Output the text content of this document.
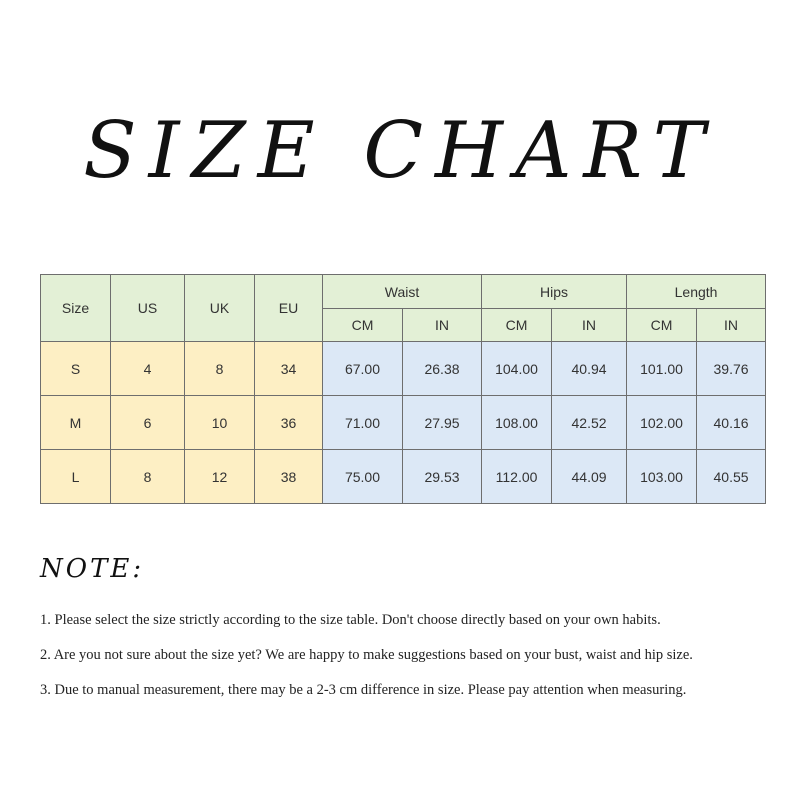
SIZE CHART
Size	US	UK	EU	Waist		Hips		Length	
				CM	IN	CM	IN	CM	IN
S	4	8	34	67.00	26.38	104.00	40.94	101.00	39.76
M	6	10	36	71.00	27.95	108.00	42.52	102.00	40.16
L	8	12	38	75.00	29.53	112.00	44.09	103.00	40.55
NOTE:
1. Please select the size strictly according to the size table. Don't choose directly based on your own habits.
2. Are you not sure about the size yet? We are happy to make suggestions based on your bust, waist and hip size.
3. Due to manual measurement, there may be a 2-3 cm difference in size. Please pay attention when measuring.
